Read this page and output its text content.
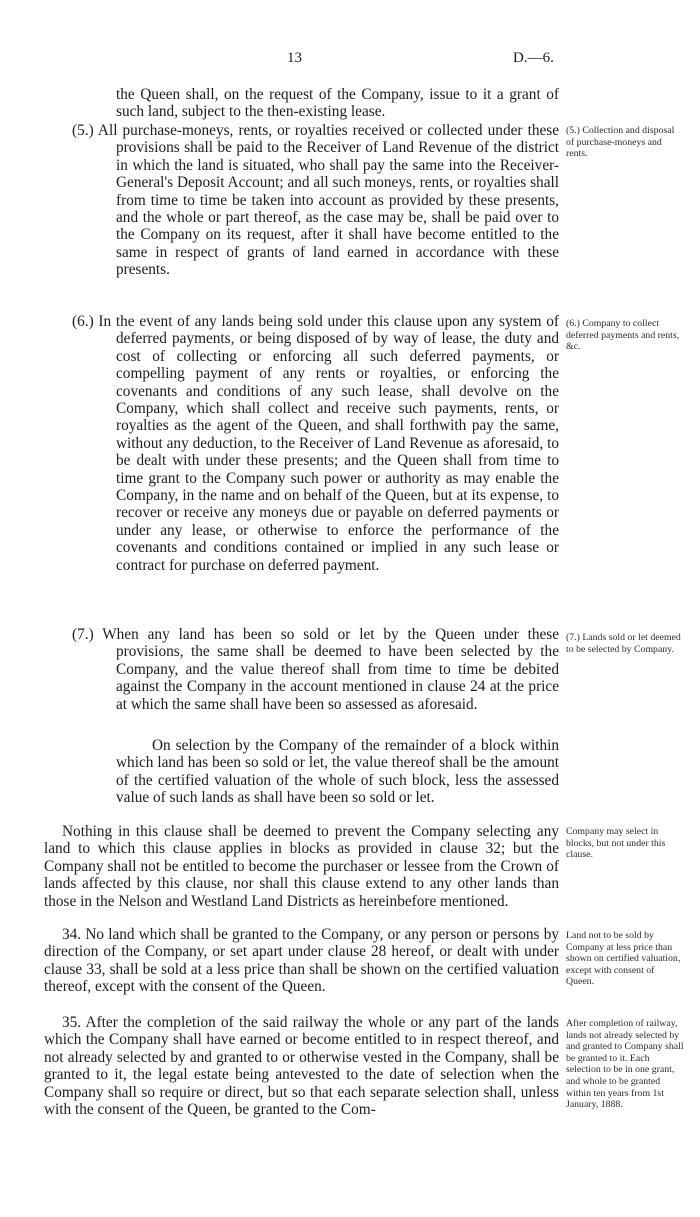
13	D.—6.

the Queen shall, on the request of the Company, issue to it a grant of such land, subject to the then-existing lease.

(5.) All purchase-moneys, rents, or royalties received or collected under these provisions shall be paid to the Receiver of Land Revenue of the district in which the land is situated, who shall pay the same into the Receiver-General's Deposit Account; and all such moneys, rents, or royalties shall from time to time be taken into account as provided by these presents, and the whole or part thereof, as the case may be, shall be paid over to the Company on its request, after it shall have become entitled to the same in respect of grants of land earned in accordance with these presents.

(6.) In the event of any lands being sold under this clause upon any system of deferred payments, or being disposed of by way of lease, the duty and cost of collecting or enforcing all such deferred payments, or compelling payment of any rents or royalties, or enforcing the covenants and conditions of any such lease, shall devolve on the Company, which shall collect and receive such payments, rents, or royalties as the agent of the Queen, and shall forthwith pay the same, without any deduction, to the Receiver of Land Revenue as aforesaid, to be dealt with under these presents; and the Queen shall from time to time grant to the Company such power or authority as may enable the Company, in the name and on behalf of the Queen, but at its expense, to recover or receive any moneys due or payable on deferred payments or under any lease, or otherwise to enforce the performance of the covenants and conditions contained or implied in any such lease or contract for purchase on deferred payment.

(7.) When any land has been so sold or let by the Queen under these provisions, the same shall be deemed to have been selected by the Company, and the value thereof shall from time to time be debited against the Company in the account mentioned in clause 24 at the price at which the same shall have been so assessed as aforesaid.

On selection by the Company of the remainder of a block within which land has been so sold or let, the value thereof shall be the amount of the certified valuation of the whole of such block, less the assessed value of such lands as shall have been so sold or let.

Nothing in this clause shall be deemed to prevent the Company selecting any land to which this clause applies in blocks as provided in clause 32; but the Company shall not be entitled to become the purchaser or lessee from the Crown of lands affected by this clause, nor shall this clause extend to any other lands than those in the Nelson and Westland Land Districts as hereinbefore mentioned.

34. No land which shall be granted to the Company, or any person or persons by direction of the Company, or set apart under clause 28 hereof, or dealt with under clause 33, shall be sold at a less price than shall be shown on the certified valuation thereof, except with the consent of the Queen.

35. After the completion of the said railway the whole or any part of the lands which the Company shall have earned or become entitled to in respect thereof, and not already selected by and granted to or otherwise vested in the Company, shall be granted to it, the legal estate being antevested to the date of selection when the Company shall so require or direct, but so that each separate selection shall, unless with the consent of the Queen, be granted to the Com-

(5.) Collection and disposal of purchase-moneys and rents.
(6.) Company to collect deferred payments and rents, &c.
(7.) Lands sold or let deemed to be selected by Company.
Company may select in blocks, but not under this clause.
Land not to be sold by Company at less price than shown on certified valuation, except with consent of Queen.
After completion of railway, lands not already selected by and granted to Company shall be granted to it. Each selection to be in one grant, and whole to be granted within ten years from 1st January, 1888.
